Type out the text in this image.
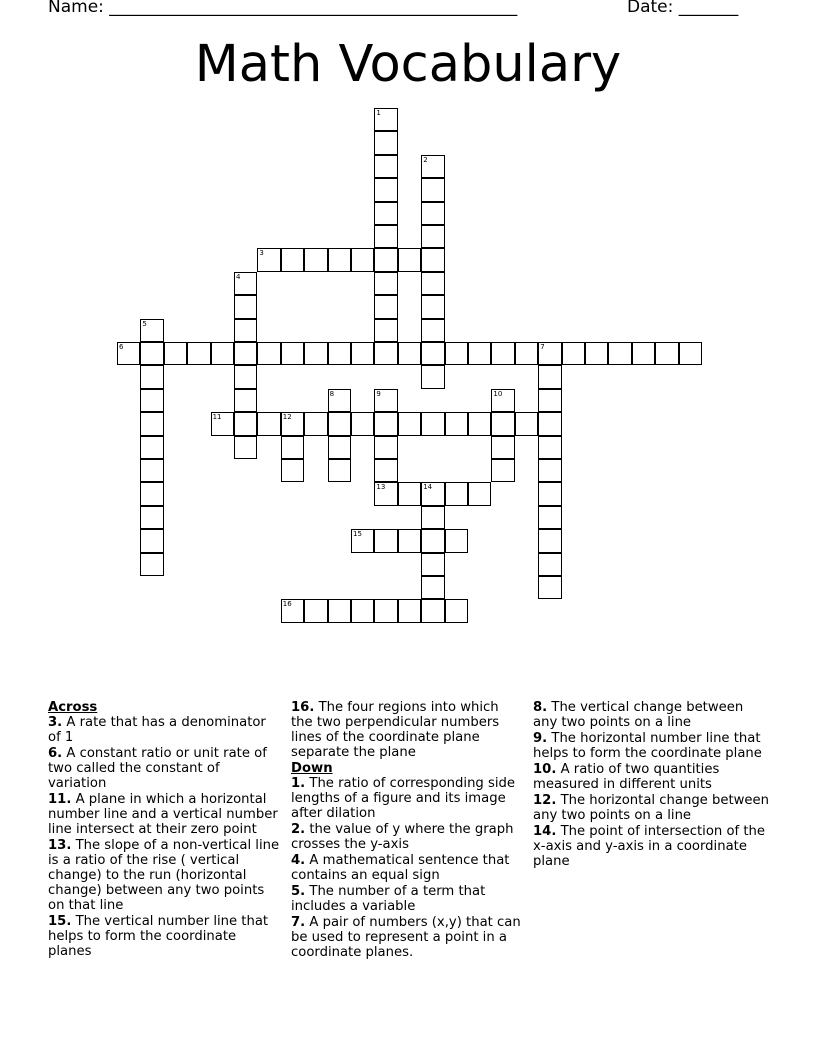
Name: ________________________________________________	Date: _______
Math Vocabulary
1
2
3
4
5
6	7
8	9
13
10
11	12
14
15
16
Across
3. A rate that has a denominator of 1
6. A constant ratio or unit rate of two called the constant of variation
11. A plane in which a horizontal number line and a vertical number line intersect at their zero point
13. The slope of a non-vertical line is a ratio of the rise ( vertical change) to the run (horizontal change) between any two points on that line
15. The vertical number line that helps to form the coordinate planes
16. The four regions into which the two perpendicular numbers lines of the coordinate plane separate the plane
Down
1. The ratio of corresponding side lengths of a figure and its image after dilation
2. the value of y where the graph crosses the y-axis
4. A mathematical sentence that contains an equal sign
5. The number of a term that includes a variable
7. A pair of numbers (x,y) that can be used to represent a point in a coordinate planes.
8. The vertical change between any two points on a line
9. The horizontal number line that helps to form the coordinate plane
10. A ratio of two quantities measured in different units
12. The horizontal change between any two points on a line
14. The point of intersection of the x-axis and y-axis in a coordinate plane
